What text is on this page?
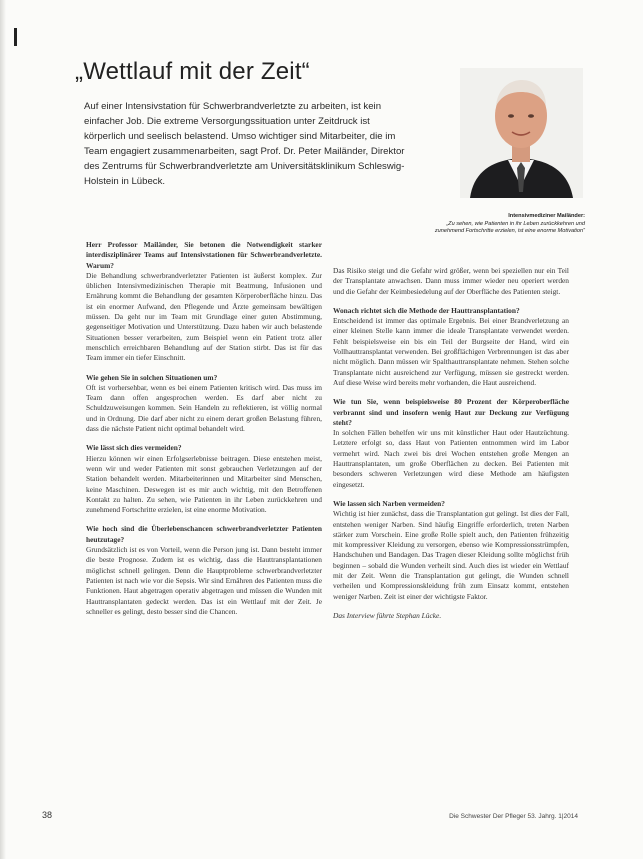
„Wettlauf mit der Zeit“
Auf einer Intensivstation für Schwerbrandverletzte zu arbeiten, ist kein einfacher Job. Die extreme Versorgungssituation unter Zeitdruck ist körperlich und seelisch belastend. Umso wichtiger sind Mitarbeiter, die im Team engagiert zusammenarbeiten, sagt Prof. Dr. Peter Mailänder, Direktor des Zentrums für Schwerbrandverletzte am Universitätsklinikum Schleswig-Holstein in Lübeck.
Intensivmediziner Mailänder:
„Zu sehen, wie Patienten in ihr Leben zurückkehren und zunehmend Fortschritte erzielen, ist eine enorme Motivation“

Herr Professor Mailänder, Sie betonen die Notwendigkeit starker interdisziplinärer Teams auf Intensivstationen für Schwerbrandverletzte. Warum?
Die Behandlung schwerbrandverletzter Patienten ist äußerst komplex. Zur üblichen Intensivmedizinischen Therapie mit Beatmung, Infusionen und Ernährung kommt die Behandlung der gesamten Körperoberfläche hinzu. Das ist ein enormer Aufwand, den Pflegende und Ärzte gemeinsam bewältigen müssen. Da geht nur im Team mit Grundlage einer guten Abstimmung, gegenseitiger Motivation und Unterstützung. Dazu haben wir auch belastende Situationen besser verarbeiten, zum Beispiel wenn ein Patient trotz aller menschlich erreichbaren Behandlung auf der Station stirbt. Das ist für das Team immer ein tiefer Einschnitt.

Wie gehen Sie in solchen Situationen um?
Oft ist vorhersehbar, wenn es bei einem Patienten kritisch wird. Das muss im Team dann offen angesprochen werden. Es darf aber nicht zu Schuldzuweisungen kommen. Sein Handeln zu reflektieren, ist völlig normal und in Ordnung. Die darf aber nicht zu einem derart großen Belastung führen, dass die nächste Patient nicht optimal behandelt wird.

Wie lässt sich dies vermeiden?
Hierzu können wir einen Erfolgserlebnisse beitragen. Diese entstehen meist, wenn wir und weder Patienten mit sonst gebrauchen Verletzungen auf der Station behandelt werden. Mitarbeiterinnen und Mitarbeiter sind Menschen, keine Maschinen. Deswegen ist es mir auch wichtig, mit den Betroffenen Kontakt zu halten. Zu sehen, wie Patienten in ihr Leben zurückkehren und zunehmend Fortschritte erzielen, ist eine enorme Motivation.

Wie hoch sind die Überlebenschancen schwerbrandverletzter Patienten heutzutage?
Grundsätzlich ist es von Vorteil, wenn die Person jung ist. Dann besteht immer die beste Prognose. Zudem ist es wichtig, dass die Hauttransplantationen möglichst schnell gelingen. Denn die Hauptprobleme schwerbrandverletzter Patienten ist nach wie vor die Sepsis. Wir sind Ernähren des Patienten muss die Funktionen. Haut abgetragen operativ abgetragen und müssen die Wunden mit Hauttransplantaten gedeckt werden. Das ist ein Wettlauf mit der Zeit. Je schneller es gelingt, desto besser sind die Chancen.

Das Risiko steigt und die Gefahr wird größer, wenn bei speziellen nur ein Teil der Transplantate anwachsen. Dann muss immer wieder neu operiert werden und die Gefahr der Keimbesiedelung auf der Oberfläche des Patienten steigt.

Wonach richtet sich die Methode der Hauttransplantation?
Entscheidend ist immer das optimale Ergebnis. Bei einer Brandverletzung an einer kleinen Stelle kann immer die ideale Transplantate verwendet werden. Fehlt beispielsweise ein bis ein Teil der Burgseite der Hand, wird ein Vollhauttransplantat verwenden. Bei großflächigen Verbrennungen ist das aber nicht möglich. Dann müssen wir Spalthauttransplantate nehmen. Stehen solche Transplantate nicht ausreichend zur Verfügung, müssen sie gestreckt werden. Auf diese Weise wird bereits mehr vorhanden, die Haut ausreichend.

Wie tun Sie, wenn beispielsweise 80 Prozent der Körperoberfläche verbrannt sind und insofern wenig Haut zur Deckung zur Verfügung steht?
In solchen Fällen behelfen wir uns mit künstlicher Haut oder Hautzüchtung. Letztere erfolgt so, dass Haut von Patienten entnommen wird im Labor vermehrt wird. Nach zwei bis drei Wochen entstehen große Mengen an Hauttransplantaten, um große Oberflächen zu decken. Bei Patienten mit besonders schweren Verletzungen wird diese Methode am häufigsten eingesetzt.

Wie lassen sich Narben vermeiden?
Wichtig ist hier zunächst, dass die Transplantation gut gelingt. Ist dies der Fall, entstehen weniger Narben. Sind häufig Eingriffe erforderlich, treten Narben stärker zum Vorschein. Eine große Rolle spielt auch, den Patienten frühzeitig mit kompressiver Kleidung zu versorgen, ebenso wie Kompressionsstrümpfen, Handschuhen und Bandagen. Das Tragen dieser Kleidung sollte möglichst früh beginnen – sobald die Wunden verheilt sind. Auch dies ist wieder ein Wettlauf mit der Zeit. Wenn die Transplantation gut gelingt, die Wunden schnell verheilen und Kompressionskleidung früh zum Einsatz kommt, entstehen weniger Narben. Zeit ist einer der wichtigste Faktor.

Das Interview führte Stephan Lücke.

38	Die Schwester Der Pfleger 53. Jahrg. 1|2014
